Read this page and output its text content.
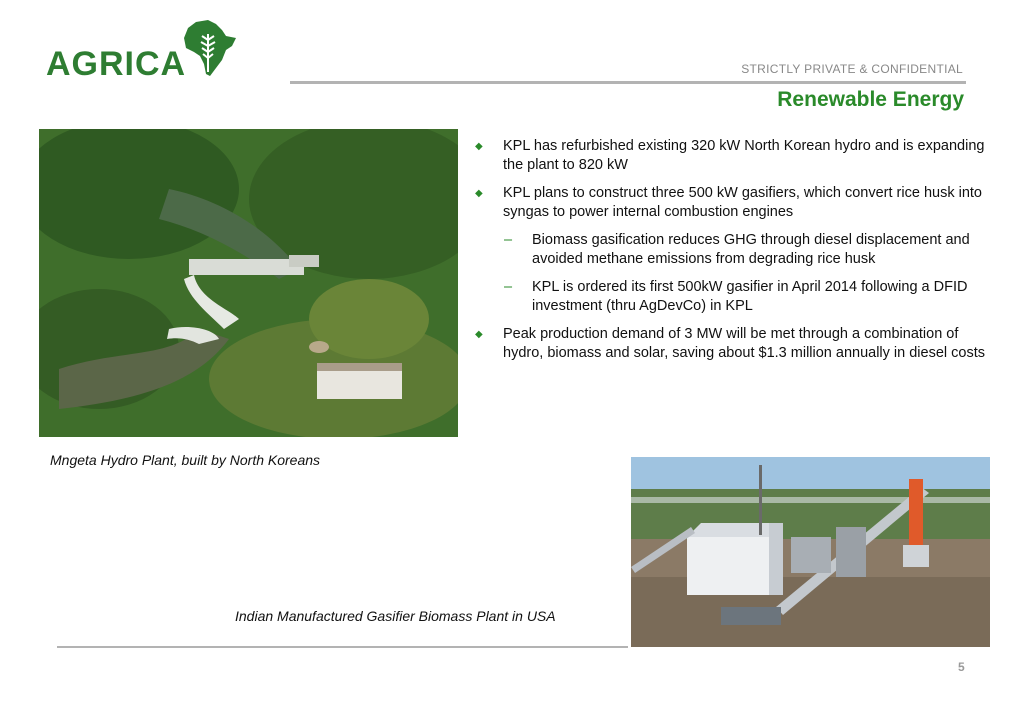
AGRICA	STRICTLY PRIVATE & CONFIDENTIAL
Renewable Energy
Mngeta Hydro Plant, built by North Koreans
◆ KPL has refurbished existing 320 kW North Korean hydro and is expanding the plant to 820 kW
◆ KPL plans to construct three 500 kW gasifiers, which convert rice husk into syngas to power internal combustion engines
– Biomass gasification reduces GHG through diesel displacement and avoided methane emissions from degrading rice husk
– KPL is ordered its first 500kW gasifier in April 2014 following a DFID investment (thru AgDevCo) in KPL
◆ Peak production demand of 3 MW will be met through a combination of hydro, biomass and solar, saving about $1.3 million annually in diesel costs
Indian Manufactured Gasifier Biomass Plant in USA
5
